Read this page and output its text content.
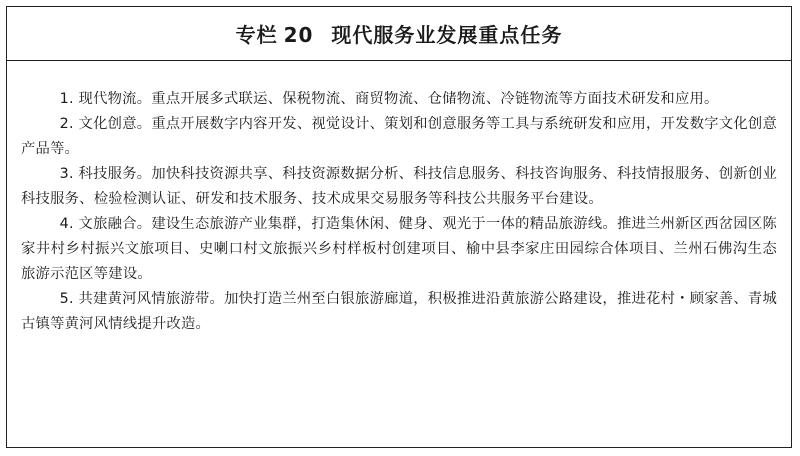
专栏 20 现代服务业发展重点任务

1. 现代物流。重点开展多式联运、保税物流、商贸物流、仓储物流、冷链物流等方面技术研发和应用。

2. 文化创意。重点开展数字内容开发、视觉设计、策划和创意服务等工具与系统研发和应用，开发数字文化创意产品等。

3. 科技服务。加快科技资源共享、科技资源数据分析、科技信息服务、科技咨询服务、科技情报服务、创新创业科技服务、检验检测认证、研发和技术服务、技术成果交易服务等科技公共服务平台建设。

4. 文旅融合。建设生态旅游产业集群，打造集休闲、健身、观光于一体的精品旅游线。推进兰州新区西岔园区陈家井村乡村振兴文旅项目、史喇口村文旅振兴乡村样板村创建项目、榆中县李家庄田园综合体项目、兰州石佛沟生态旅游示范区等建设。

5. 共建黄河风情旅游带。加快打造兰州至白银旅游廊道，积极推进沿黄旅游公路建设，推进花村・顾家善、青城古镇等黄河风情线提升改造。
